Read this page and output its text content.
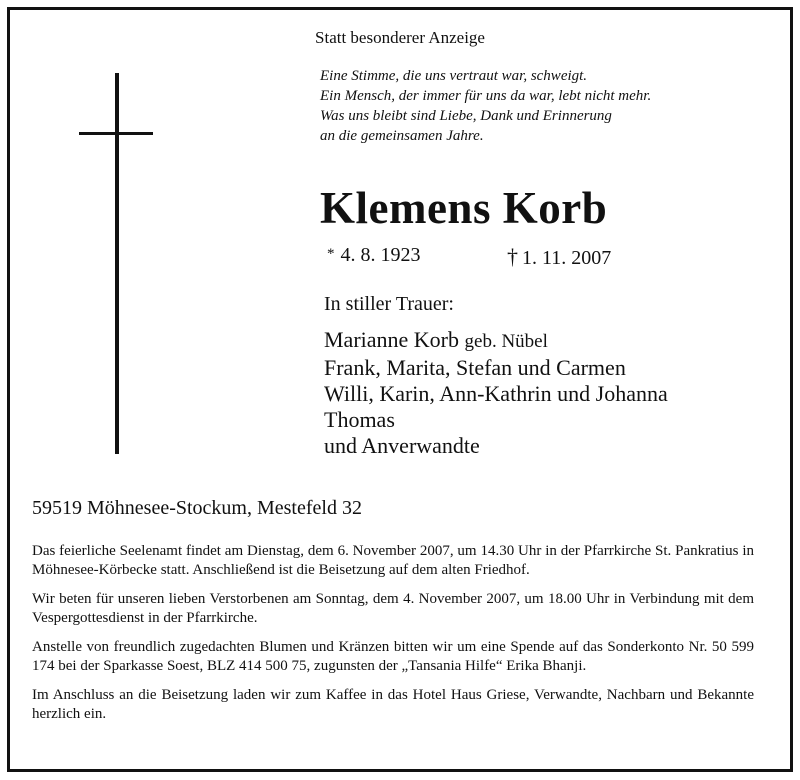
Statt besonderer Anzeige
Eine Stimme, die uns vertraut war, schweigt.
Ein Mensch, der immer für uns da war, lebt nicht mehr.
Was uns bleibt sind Liebe, Dank und Erinnerung
an die gemeinsamen Jahre.
Klemens Korb
* 4. 8. 1923	† 1. 11. 2007
In stiller Trauer:
Marianne Korb geb. Nübel
Frank, Marita, Stefan und Carmen
Willi, Karin, Ann-Kathrin und Johanna
Thomas
und Anverwandte
59519 Möhnesee-Stockum, Mestefeld 32

Das feierliche Seelenamt findet am Dienstag, dem 6. November 2007, um 14.30 Uhr in der Pfarrkirche St. Pankratius in Möhnesee-Körbecke statt. Anschließend ist die Beisetzung auf dem alten Friedhof.

Wir beten für unseren lieben Verstorbenen am Sonntag, dem 4. November 2007, um 18.00 Uhr in Verbindung mit dem Vespergottesdienst in der Pfarrkirche.

Anstelle von freundlich zugedachten Blumen und Kränzen bitten wir um eine Spende auf das Sonderkonto Nr. 50 599 174 bei der Sparkasse Soest, BLZ 414 500 75, zugunsten der „Tansania Hilfe“ Erika Bhanji.

Im Anschluss an die Beisetzung laden wir zum Kaffee in das Hotel Haus Griese, Verwandte, Nachbarn und Bekannte herzlich ein.
